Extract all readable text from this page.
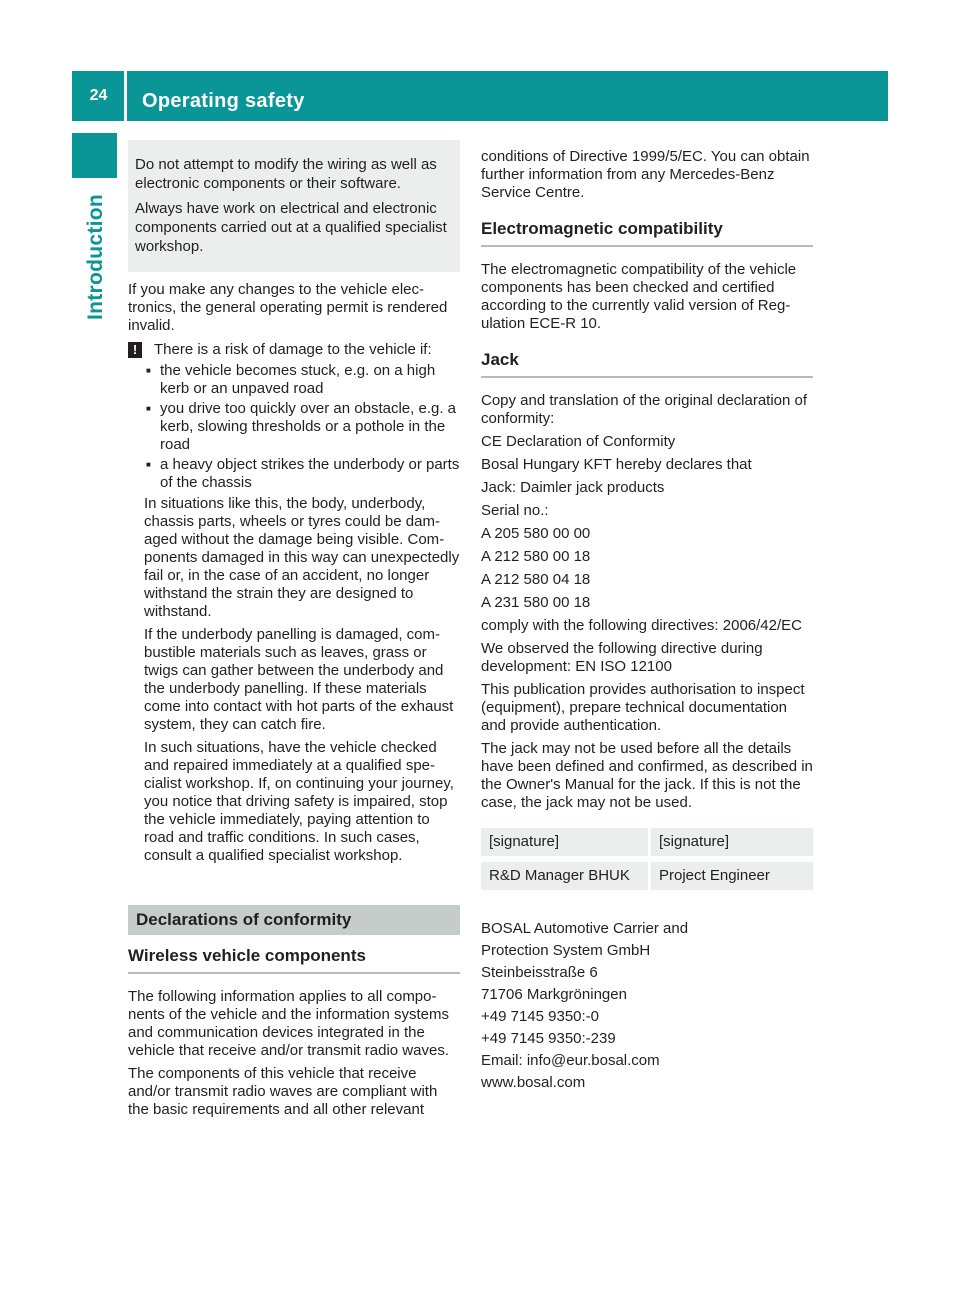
24	Operating safety
Introduction

Do not attempt to modify the wiring as well as electronic components or their software.

Always have work on electrical and electronic components carried out at a qualified specialist workshop.

If you make any changes to the vehicle electronics, the general operating permit is rendered invalid.

!	There is a risk of damage to the vehicle if:
■ the vehicle becomes stuck, e.g. on a high kerb or an unpaved road
■ you drive too quickly over an obstacle, e.g. a kerb, slowing thresholds or a pothole in the road
■ a heavy object strikes the underbody or parts of the chassis

In situations like this, the body, underbody, chassis parts, wheels or tyres could be damaged without the damage being visible. Components damaged in this way can unexpectedly fail or, in the case of an accident, no longer withstand the strain they are designed to withstand.

If the underbody panelling is damaged, combustible materials such as leaves, grass or twigs can gather between the underbody and the underbody panelling. If these materials come into contact with hot parts of the exhaust system, they can catch fire.

In such situations, have the vehicle checked and repaired immediately at a qualified specialist workshop. If, on continuing your journey, you notice that driving safety is impaired, stop the vehicle immediately, paying attention to road and traffic conditions. In such cases, consult a qualified specialist workshop.

Declarations of conformity
Wireless vehicle components

The following information applies to all components of the vehicle and the information systems and communication devices integrated in the vehicle that receive and/or transmit radio waves.

The components of this vehicle that receive and/or transmit radio waves are compliant with the basic requirements and all other relevant

conditions of Directive 1999/5/EC. You can obtain further information from any Mercedes-Benz Service Centre.

Electromagnetic compatibility

The electromagnetic compatibility of the vehicle components has been checked and certified according to the currently valid version of Regulation ECE-R 10.

Jack

Copy and translation of the original declaration of conformity:

CE Declaration of Conformity

Bosal Hungary KFT hereby declares that

Jack: Daimler jack products

Serial no.:

A 205 580 00 00

A 212 580 00 18

A 212 580 04 18

A 231 580 00 18

comply with the following directives: 2006/42/EC

We observed the following directive during development: EN ISO 12100

This publication provides authorisation to inspect (equipment), prepare technical documentation and provide authentication.

The jack may not be used before all the details have been defined and confirmed, as described in the Owner's Manual for the jack. If this is not the case, the jack may not be used.

[signature]	[signature]
R&D Manager BHUK	Project Engineer

BOSAL Automotive Carrier and

Protection System GmbH

Steinbeisstraße 6

71706 Markgröningen

+49 7145 9350:-0

+49 7145 9350:-239

Email: info@eur.bosal.com

www.bosal.com
